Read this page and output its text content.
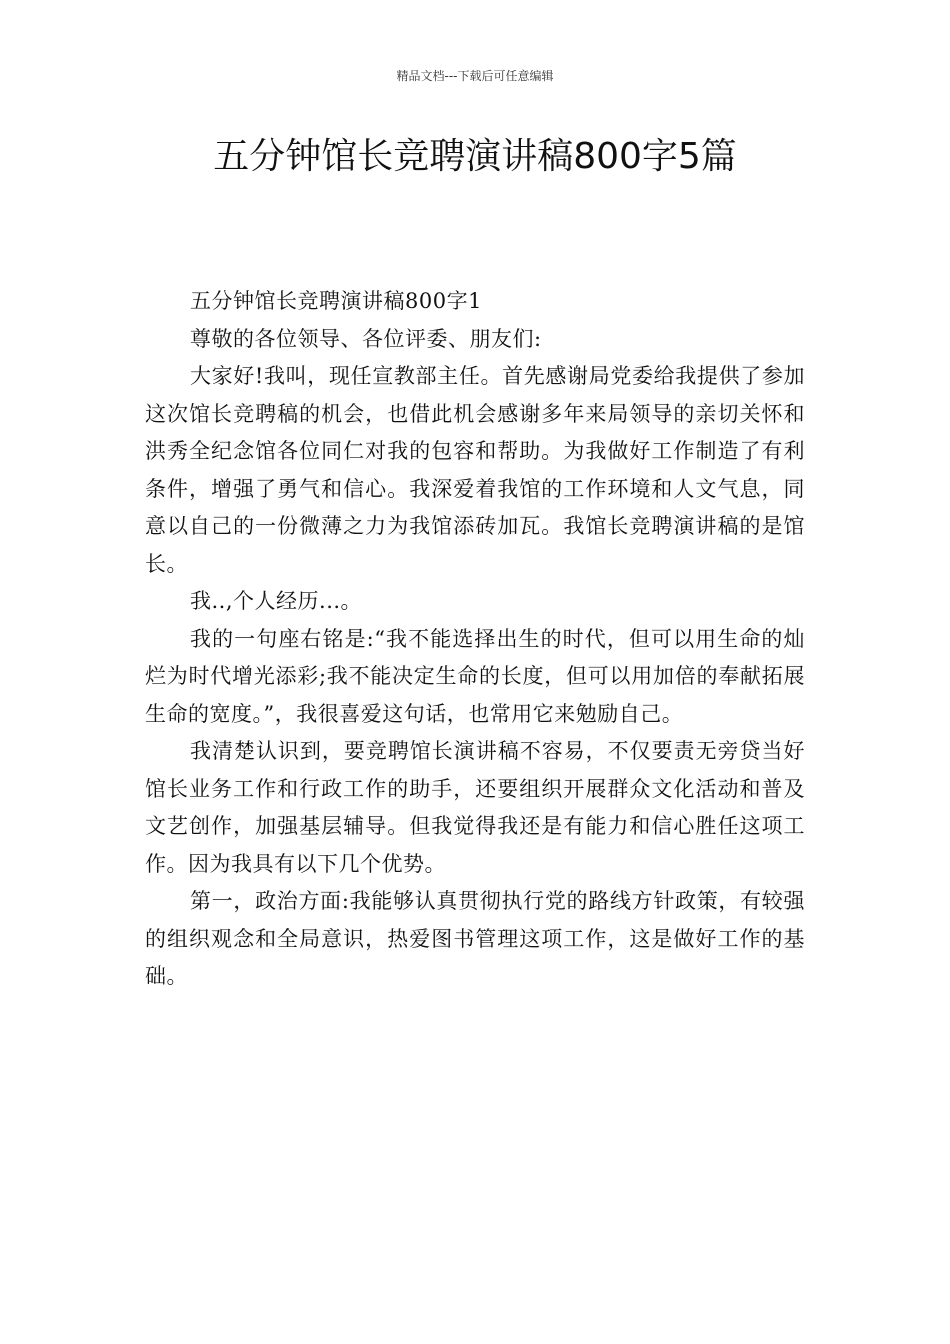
精品文档---下载后可任意编辑
五分钟馆长竞聘演讲稿800字5篇

五分钟馆长竞聘演讲稿800字1

尊敬的各位领导、各位评委、朋友们:

大家好!我叫，现任宣教部主任。首先感谢局党委给我提供了参加这次馆长竞聘稿的机会，也借此机会感谢多年来局领导的亲切关怀和洪秀全纪念馆各位同仁对我的包容和帮助。为我做好工作制造了有利条件，增强了勇气和信心。我深爱着我馆的工作环境和人文气息，同意以自己的一份微薄之力为我馆添砖加瓦。我馆长竞聘演讲稿的是馆长。

我..,个人经历...。

我的一句座右铭是:“我不能选择出生的时代，但可以用生命的灿烂为时代增光添彩;我不能决定生命的长度，但可以用加倍的奉献拓展生命的宽度。”，我很喜爱这句话，也常用它来勉励自己。

我清楚认识到，要竞聘馆长演讲稿不容易，不仅要责无旁贷当好馆长业务工作和行政工作的助手，还要组织开展群众文化活动和普及文艺创作，加强基层辅导。但我觉得我还是有能力和信心胜任这项工作。因为我具有以下几个优势。

第一，政治方面:我能够认真贯彻执行党的路线方针政策，有较强的组织观念和全局意识，热爱图书管理这项工作，这是做好工作的基础。
